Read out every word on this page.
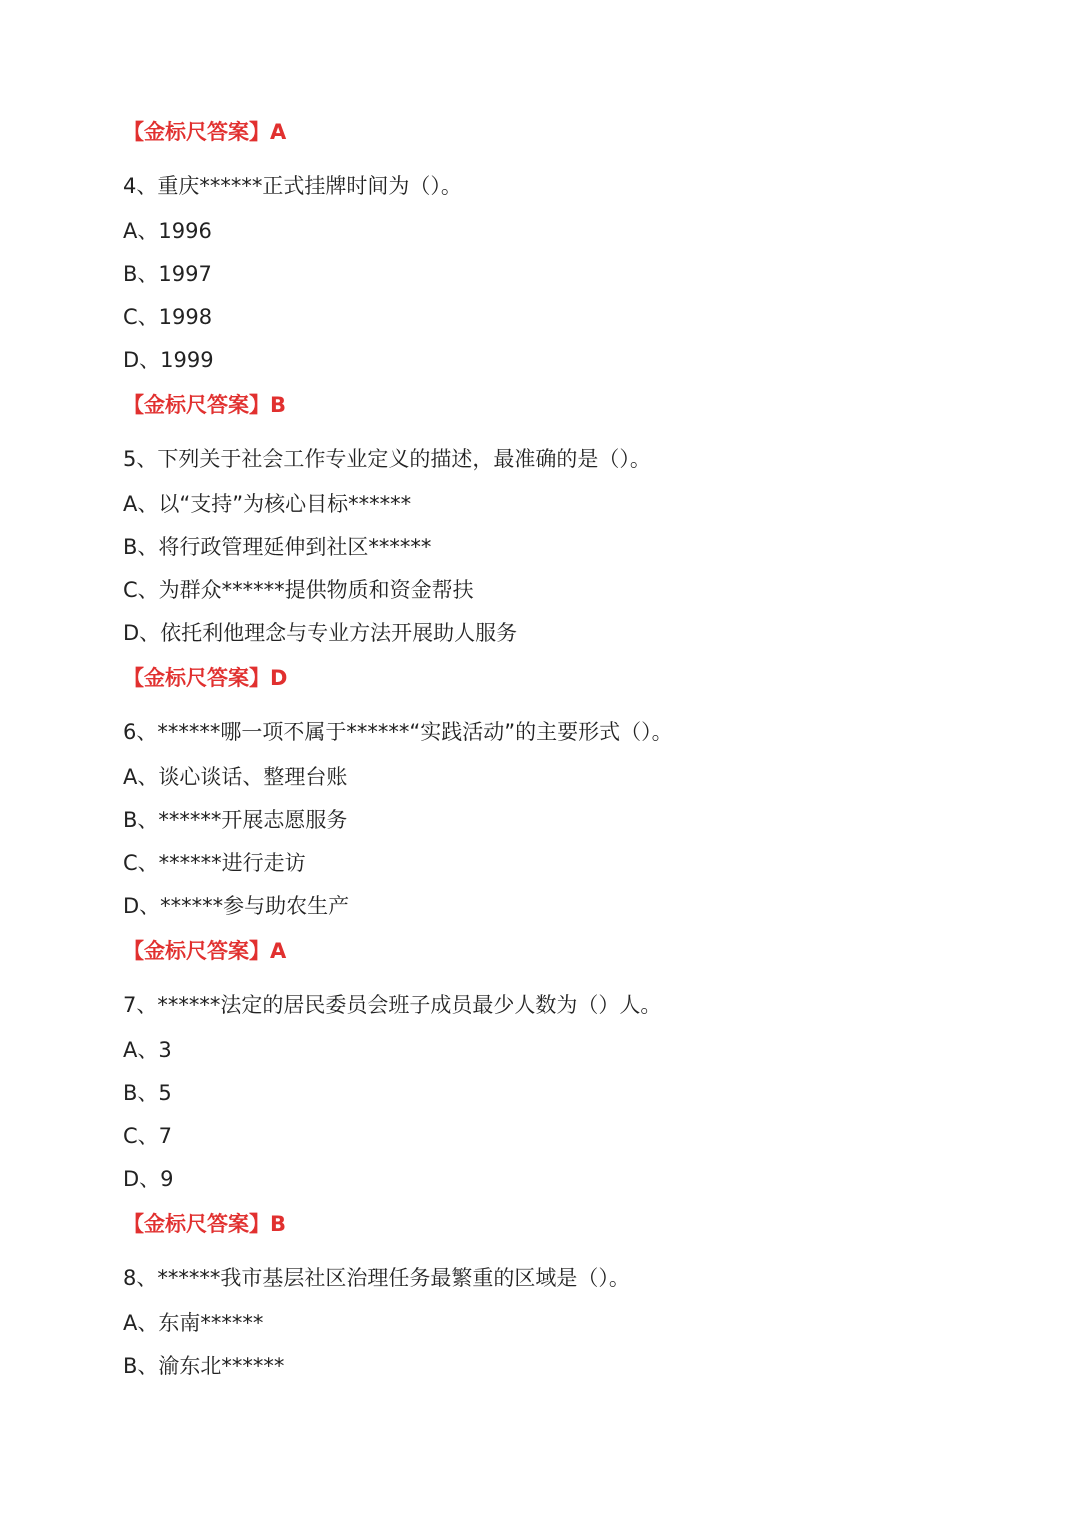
【金标尺答案】A
4、重庆******正式挂牌时间为（）。
A、1996
B、1997
C、1998
D、1999
【金标尺答案】B
5、下列关于社会工作专业定义的描述，最准确的是（）。
A、以“支持”为核心目标******
B、将行政管理延伸到社区******
C、为群众******提供物质和资金帮扶
D、依托利他理念与专业方法开展助人服务
【金标尺答案】D
6、******哪一项不属于******“实践活动”的主要形式（）。
A、谈心谈话、整理台账
B、******开展志愿服务
C、******进行走访
D、******参与助农生产
【金标尺答案】A
7、******法定的居民委员会班子成员最少人数为（）人。
A、3
B、5
C、7
D、9
【金标尺答案】B
8、******我市基层社区治理任务最繁重的区域是（）。
A、东南******
B、渝东北******
